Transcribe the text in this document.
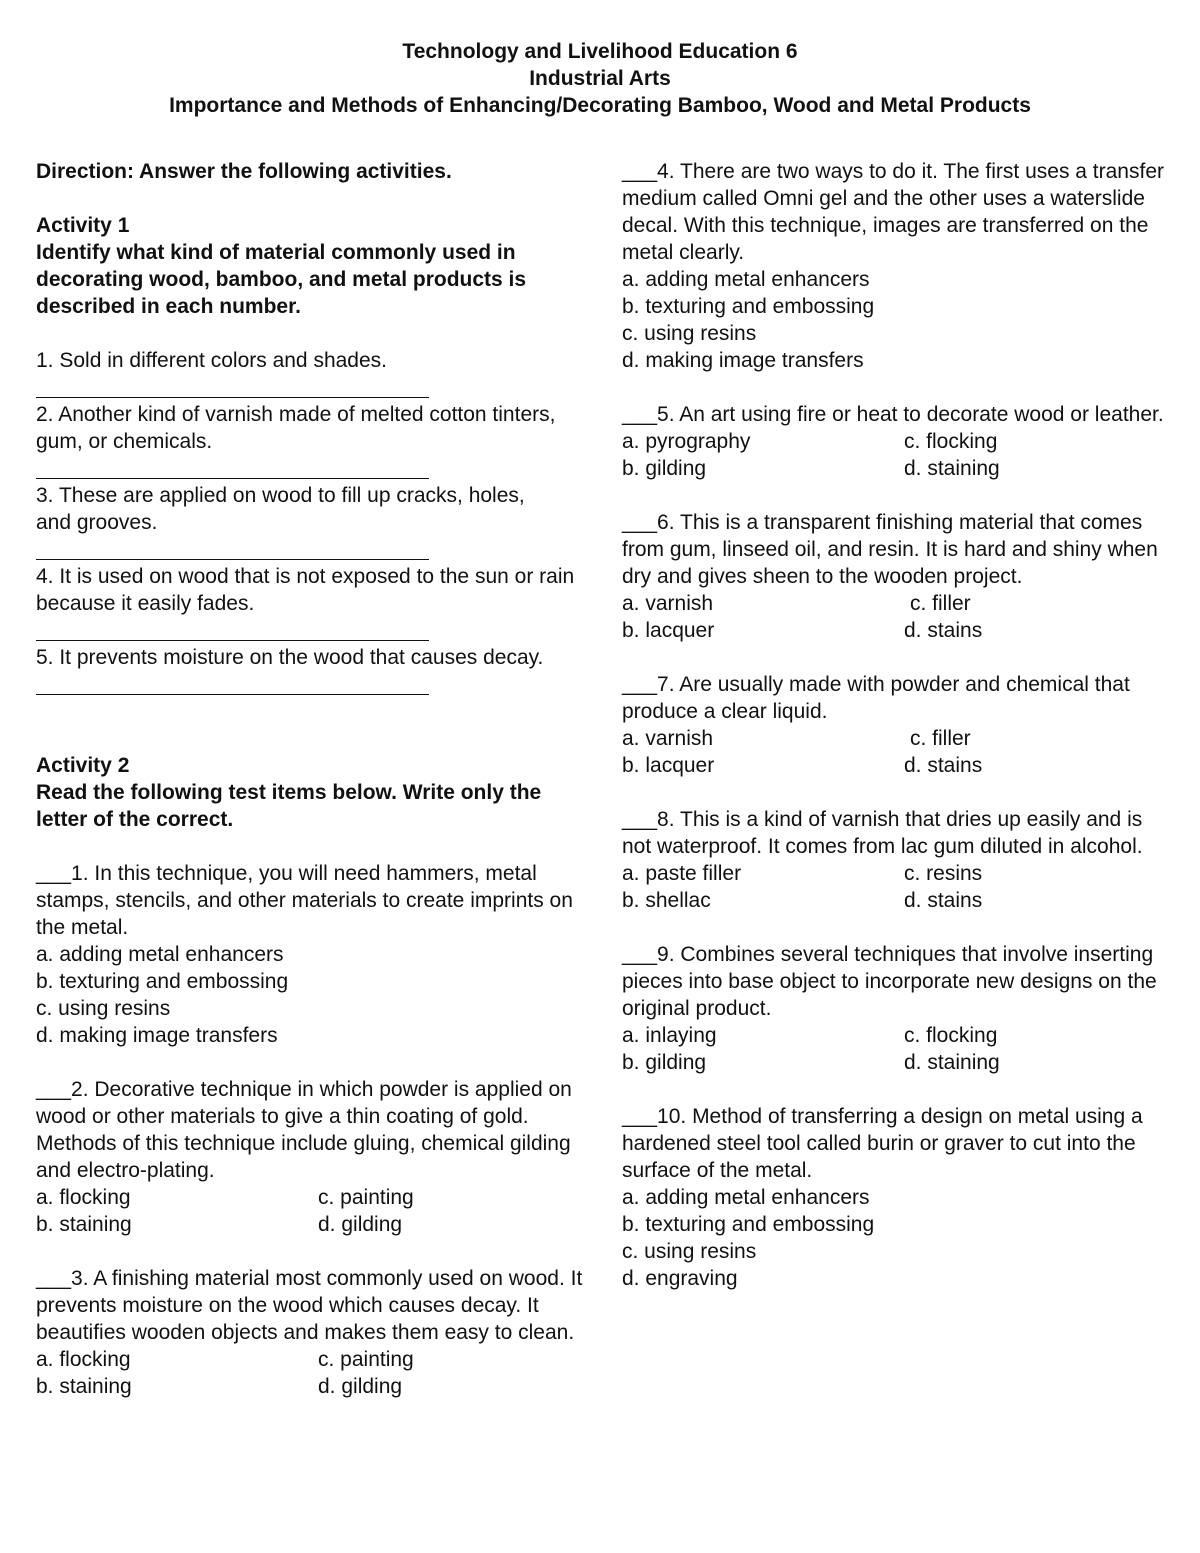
Technology and Livelihood Education 6
Industrial Arts
Importance and Methods of Enhancing/Decorating Bamboo, Wood and Metal Products

Direction: Answer the following activities.

Activity 1

Identify what kind of material commonly used in decorating wood, bamboo, and metal products is described in each number.

1. Sold in different colors and shades.

2. Another kind of varnish made of melted cotton tinters, gum, or chemicals.

3. These are applied on wood to fill up cracks, holes, and grooves.

4. It is used on wood that is not exposed to the sun or rain because it easily fades.

5. It prevents moisture on the wood that causes decay.

Activity 2

Read the following test items below. Write only the letter of the correct.

___1. In this technique, you will need hammers, metal stamps, stencils, and other materials to create imprints on the metal.

a. adding metal enhancers

b. texturing and embossing

c. using resins

d. making image transfers

___2. Decorative technique in which powder is applied on wood or other materials to give a thin coating of gold. Methods of this technique include gluing, chemical gilding and electro-plating.

a. flocking	c. painting
b. staining	d. gilding

___3. A finishing material most commonly used on wood. It prevents moisture on the wood which causes decay. It beautifies wooden objects and makes them easy to clean.

a. flocking	c. painting
b. staining	d. gilding

___4. There are two ways to do it. The first uses a transfer medium called Omni gel and the other uses a waterslide decal. With this technique, images are transferred on the metal clearly.

a. adding metal enhancers

b. texturing and embossing

c. using resins

d. making image transfers

___5. An art using fire or heat to decorate wood or leather.

a. pyrography	c. flocking
b. gilding	d. staining

___6. This is a transparent finishing material that comes from gum, linseed oil, and resin. It is hard and shiny when dry and gives sheen to the wooden project.

a. varnish	c. filler
b. lacquer	d. stains

___7. Are usually made with powder and chemical that produce a clear liquid.

a. varnish	c. filler
b. lacquer	d. stains

___8. This is a kind of varnish that dries up easily and is not waterproof. It comes from lac gum diluted in alcohol.

a. paste filler	c. resins
b. shellac	d. stains

___9. Combines several techniques that involve inserting pieces into base object to incorporate new designs on the original product.

a. inlaying	c. flocking
b. gilding	d. staining

___10. Method of transferring a design on metal using a hardened steel tool called burin or graver to cut into the surface of the metal.

a. adding metal enhancers

b. texturing and embossing

c. using resins

d. engraving
